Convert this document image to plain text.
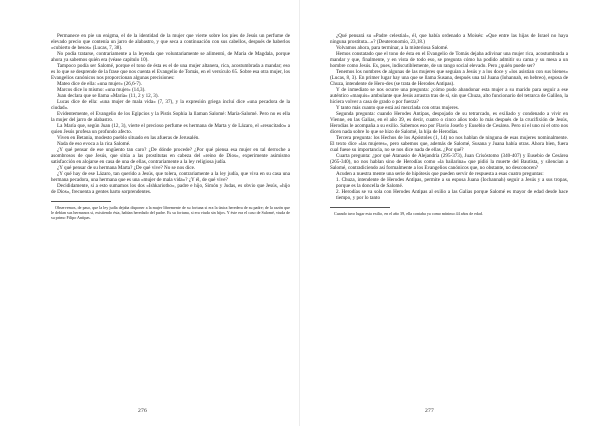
Permanece en pie un enigma, el de la identidad de la mujer que vierte sobre los pies de Jesús un perfume de elevado precio que contenía un jarro de alabastro, y que seca a continuación con sus cabellos, después de haberlos «cubierto de besos» (Lucas, 7, 38).

No podía tratarse, contrariamente a la leyenda que voluntariamente se alimentó, de María de Magdala, porque ahora ya sabemos quién era (véase capítulo 10).

Tampoco podía ser Salomé, porque el tono de ésta es el de una mujer altanera, rica, acostumbrada a mandar; eso es lo que se desprende de la frase que nos cuenta el Evangelio de Tomás, en el versículo 65. Sobre esa otra mujer, los Evangelios canónicos nos proporcionan algunas precisiones:

Mateo dice de ella: «una mujer» (26,6-7).

Marcos dice lo mismo: «una mujer» (14,3).

Juan declara que se llama «María» (11, 2 y 12, 3).

Lucas dice de ella: «una mujer de mala vida» (7, 37), y la expresión griega incluí dice «una pecadora de la ciudad».

Evidentemente, el Evangelio de los Egipcios y la Pistis Sophia la llaman Salomé: María-Salomé. Pero no es ella la mujer del jarro de alabastro.

La María que, según Juan (12, 3), vierte el precioso perfume es hermana de Marta y de Lázaro, el «resucitado» a quien Jesús profesa un profundo afecto.

Viven en Betania, modesto pueblo situado en las afueras de Jerusalén.

Nada de eso evoca a la rica Salomé.

¿Y qué pensar de ese ungüento tan caro? ¿De dónde procede? ¿Por qué piensa esa mujer en tal derroche a asombrosos de que Jesús, que sitúa a las prostitutas en cabeza del «reino de Dios», experimente asimismo satisfacción en alojarse en casa de una de ellas, contrariamente a la ley religiosa judía.

¿Y qué pensar de su hermana Marta? ¿De qué vive? No se nos dice.

¿Y qué hay de ese Lázaro, tan querido a Jesús, que tolera, contrariamente a la ley judía, que viva en su casa una hermana pecadora, una hermana que es una «mujer de mala vida»? ¿Y él, de qué vive?

Decididamente, si a esto sumamos los dos «Ishkariotho», padre e hijo, Simón y Judas, es obvio que Jesús, «hijo de Dios», frecuenta a gentes harto sorprendentes.

Observemos, de paso, que la ley judía dejaba disponer a la mujer libremente de su fortuna si era la única heredera de su padre; de la razón que le debían sus hermanos si, existiendo ésta, habían heredado del padre. Es su fortuna, si era viuda sin hijos. Y éste era el caso de Salomé, viuda de su primo Filipo Antipas.

276

¿Qué pensará su «Padre celestial», él, que había ordenado a Moisés: «Que entre las hijas de Israel no haya ninguna prostituta...»? (Deuteronomio, 23,18.)

Volvamos ahora, para terminar, a la misteriosa Salomé.

Hemos constatado que el tono de ésta en el Evangelio de Tomás dejaba adivinar una mujer rica, acostumbrada a mandar y que, finalmente, y en vista de todo eso, se pregunta cómo ha podido admitir su cama y su mesa a un hombre como Jesús. Es, pues, indiscutiblemente, de un rango social elevado. Pero ¿quién puede ser?

Tenemos los nombres de algunas de las mujeres que seguían a Jesús y a los doce y «los asistían con sus bienes» (Lucas, 8, 3). En primer lugar hay una que se llama Susana, después una tal Juana (Iohannah, en hebreo), esposa de Chuza, intendente de Hero-des (se trata de Herodes Antipas).

Y de inmediato se nos ocurre una pregunta: ¿cómo pudo abandonar esta mujer a su marido para seguir a ese auténtico «maquis» ambulante que Jesús arrastra tras de sí, sin que Chuza, alto funcionario del tetrarca de Galilea, la hiciera volver a casa de grado o por fuerza?

Y tanto más cuanto que está así mezclada con otras mujeres.

Segunda pregunta: cuando Herodes Antipas, despojado de su tetrarcado, es exiliado y condenado a vivir en Vienne, en las Galias, en el año 39, es decir, cuatro o cinco años todo lo más después de la crucifixión de Jesús, Herodías le acompaña a su exilio. Sabemos eso por Flavio Josefo y Eusebio de Cesárea. Pero ni el uno ni el otro nos dicen nada sobre lo que se hizo de Salomé, la hija de Herodías.

Tercera pregunta: los Hechos de los Apóstoles (1, 14) no nos hablan de ninguna de esas mujeres nominalmente. El texto dice «las mujeres», pero sabemos que, además de Salomé, Susana y Juana había otras. Ahora bien, fuera cual fuese su importancia, no se nos dice nada de ellas. ¿Por qué?

Cuarta pregunta: ¿por qué Atanasio de Alejandría (295-373), Juan Crisóstomo (340-407) y Eusebio de Cesárea (265-340), no nos hablan sino de Herodías como «la bailarina» que pidió la muerte del Bautista, y silencian a Salomé, contradiciendo así formalmente a los Evangelios canónicos que, no obstante, no desconocen?

Acuden a nuestra mente una serie de hipótesis que pueden servir de respuesta a esas cuatro preguntas:

1. Chuza, intendente de Herodes Antipas, permite a su esposa Juana (Iochannah) seguir a Jesús y a sus tropas, porque es la doncella de Salomé.

2. Herodías se va sola con Herodes Antipas al exilio a las Galias porque Salomé es mayor de edad desde hace tiempo, y por lo tanto

Cuando tuvo lugar esta exilio, en el año 39, ella contaba ya como mínimo 44 años de edad.

277
